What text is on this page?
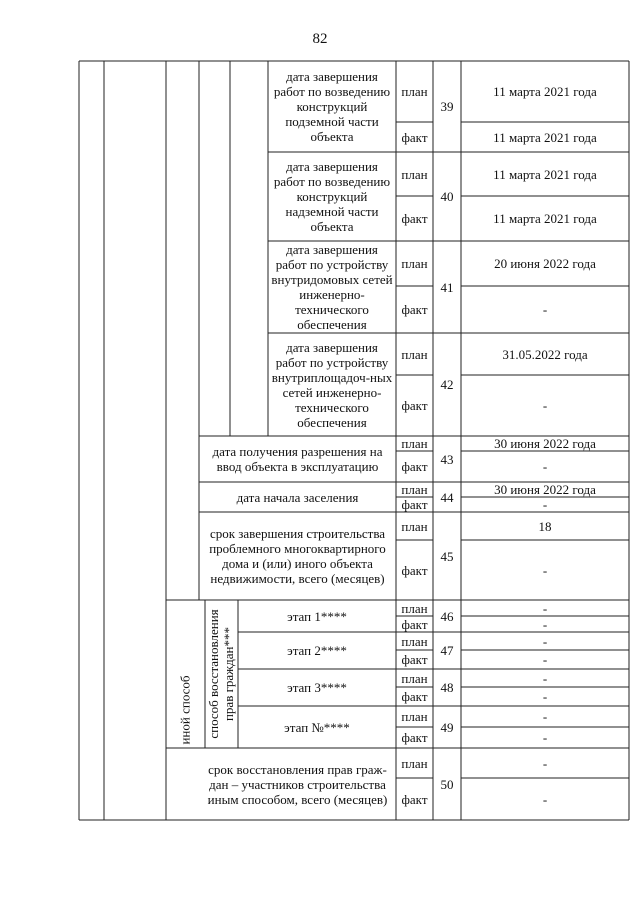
82
дата завершения работ по возведению конструкций подземной части объекта
план
факт
39
11 марта 2021 года
11 марта 2021 года
дата завершения работ по возведению конструкций надземной части объекта
план
факт
40
11 марта 2021 года
11 марта 2021 года
дата завершения работ по устройству внутридомовых сетей инженерно-технического обеспечения
план
факт
41
20 июня 2022 года
-
дата завершения работ по устройству внутриплощадоч-ных сетей инженерно-технического обеспечения
план
факт
42
31.05.2022 года
-
дата получения разрешения на ввод объекта в эксплуатацию
план
факт 43
30 июня 2022 года
-
дата начала заселения	план
факт 44	30 июня 2022 года
-
срок завершения строительства проблемного многоквартирного дома и (или) иного объекта недвижимости, всего (месяцев)
план
факт
45
18
-
этап 1****
план
факт
46
-
-
этап 2****
план
факт
47
-
-
этап 3****
план
факт
48
-
-
этап №****
план
факт
49
-
-
срок восстановления прав граж-дан – участников строительства иным способом, всего (месяцев)
план
факт
50
-
-
иной способ способ восстановления прав граждан***
